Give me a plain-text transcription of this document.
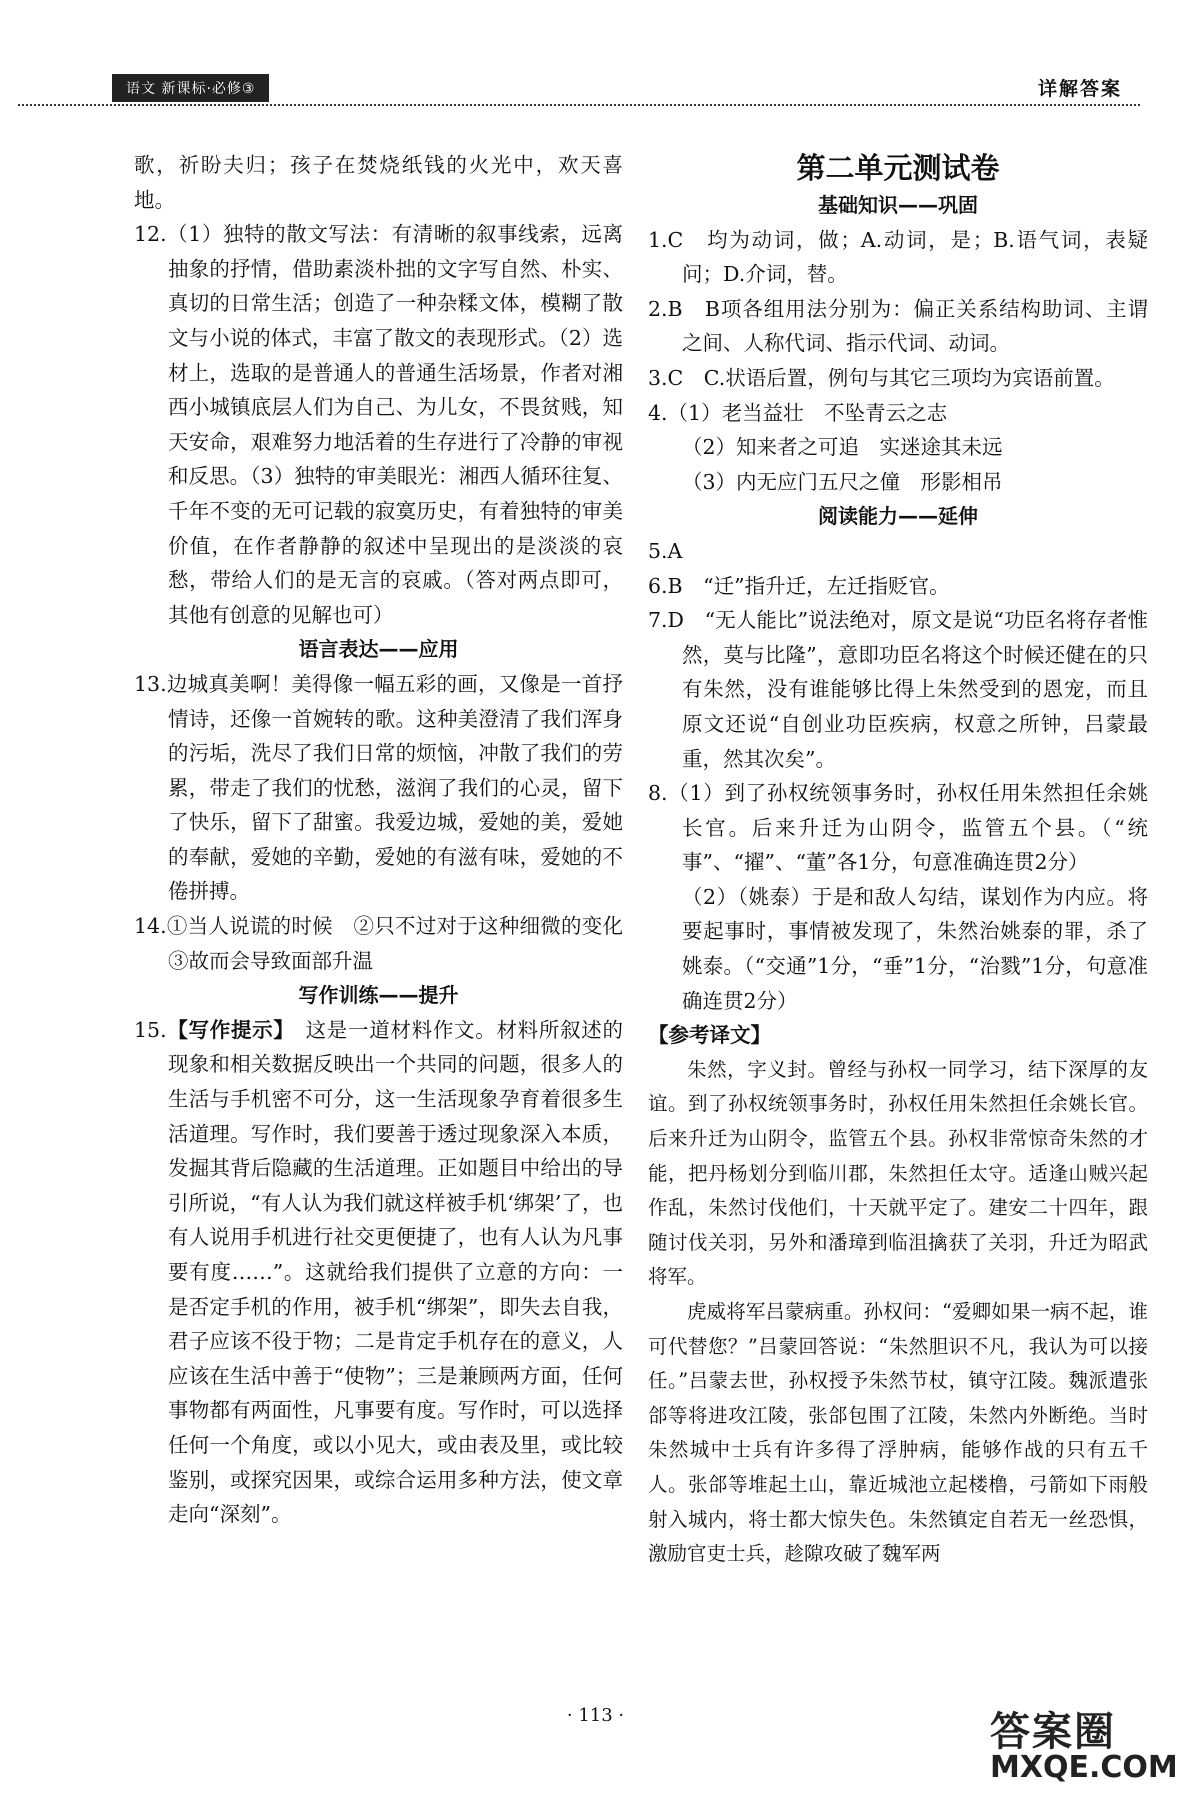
语文 新课标·必修③	详解答案

歌，祈盼夫归；孩子在焚烧纸钱的火光中，欢天喜地。

12.（1）独特的散文写法：有清晰的叙事线索，远离抽象的抒情，借助素淡朴拙的文字写自然、朴实、真切的日常生活；创造了一种杂糅文体，模糊了散文与小说的体式，丰富了散文的表现形式。（2）选材上，选取的是普通人的普通生活场景，作者对湘西小城镇底层人们为自己、为儿女，不畏贫贱，知天安命，艰难努力地活着的生存进行了冷静的审视和反思。（3）独特的审美眼光：湘西人循环往复、千年不变的无可记载的寂寞历史，有着独特的审美价值，在作者静静的叙述中呈现出的是淡淡的哀愁，带给人们的是无言的哀戚。（答对两点即可，其他有创意的见解也可）

语言表达——应用

13.边城真美啊！美得像一幅五彩的画，又像是一首抒情诗，还像一首婉转的歌。这种美澄清了我们浑身的污垢，洗尽了我们日常的烦恼，冲散了我们的劳累，带走了我们的忧愁，滋润了我们的心灵，留下了快乐，留下了甜蜜。我爱边城，爱她的美，爱她的奉献，爱她的辛勤，爱她的有滋有味，爱她的不倦拼搏。

14.①当人说谎的时候　②只不过对于这种细微的变化　③故而会导致面部升温

写作训练——提升

15.【写作提示】　 这是一道材料作文。材料所叙述的现象和相关数据反映出一个共同的问题，很多人的生活与手机密不可分，这一生活现象孕育着很多生活道理。写作时，我们要善于透过现象深入本质，发掘其背后隐藏的生活道理。正如题目中给出的导引所说，“有人认为我们就这样被手机‘绑架’了，也有人说用手机进行社交更便捷了，也有人认为凡事要有度……”。这就给我们提供了立意的方向：一是否定手机的作用，被手机“绑架”，即失去自我，君子应该不役于物；二是肯定手机存在的意义，人应该在生活中善于“使物”；三是兼顾两方面，任何事物都有两面性，凡事要有度。写作时，可以选择任何一个角度，或以小见大，或由表及里，或比较鉴别，或探究因果，或综合运用多种方法，使文章走向“深刻”。

第二单元测试卷

基础知识——巩固

1.C　均为动词，做；A.动词，是；B.语气词，表疑问；D.介词，替。

2.B　B项各组用法分别为：偏正关系结构助词、主谓之间、人称代词、指示代词、动词。

3.C　C.状语后置，例句与其它三项均为宾语前置。

4.（1）老当益壮　不坠青云之志

（2）知来者之可追　实迷途其未远

（3）内无应门五尺之僮　形影相吊

阅读能力——延伸

5.A

6.B　“迁”指升迁，左迁指贬官。

7.D　“无人能比”说法绝对，原文是说“功臣名将存者惟然，莫与比隆”，意即功臣名将这个时候还健在的只有朱然，没有谁能够比得上朱然受到的恩宠，而且原文还说“自创业功臣疾病，权意之所钟，吕蒙最重，然其次矣”。

8.（1）到了孙权统领事务时，孙权任用朱然担任余姚长官。后来升迁为山阴令，监管五个县。（“统事”、“擢”、“董”各1分，句意准确连贯2分）

（2）（姚泰）于是和敌人勾结，谋划作为内应。将要起事时，事情被发现了，朱然治姚泰的罪，杀了姚泰。（“交通”1分，“垂”1分，“治戮”1分，句意准确连贯2分）

【参考译文】

朱然，字义封。曾经与孙权一同学习，结下深厚的友谊。到了孙权统领事务时，孙权任用朱然担任余姚长官。后来升迁为山阴令，监管五个县。孙权非常惊奇朱然的才能，把丹杨划分到临川郡，朱然担任太守。适逢山贼兴起作乱，朱然讨伐他们，十天就平定了。建安二十四年，跟随讨伐关羽，另外和潘璋到临沮擒获了关羽，升迁为昭武将军。

虎威将军吕蒙病重。孙权问：“爱卿如果一病不起，谁可代替您？”吕蒙回答说：“朱然胆识不凡，我认为可以接任。”吕蒙去世，孙权授予朱然节杖，镇守江陵。魏派遣张郃等将进攻江陵，张郃包围了江陵，朱然内外断绝。当时朱然城中士兵有许多得了浮肿病，能够作战的只有五千人。张郃等堆起土山，靠近城池立起楼橹，弓箭如下雨般射入城内，将士都大惊失色。朱然镇定自若无一丝恐惧，激励官吏士兵，趁隙攻破了魏军两

· 113 ·	答案圈
MXQE.COM
